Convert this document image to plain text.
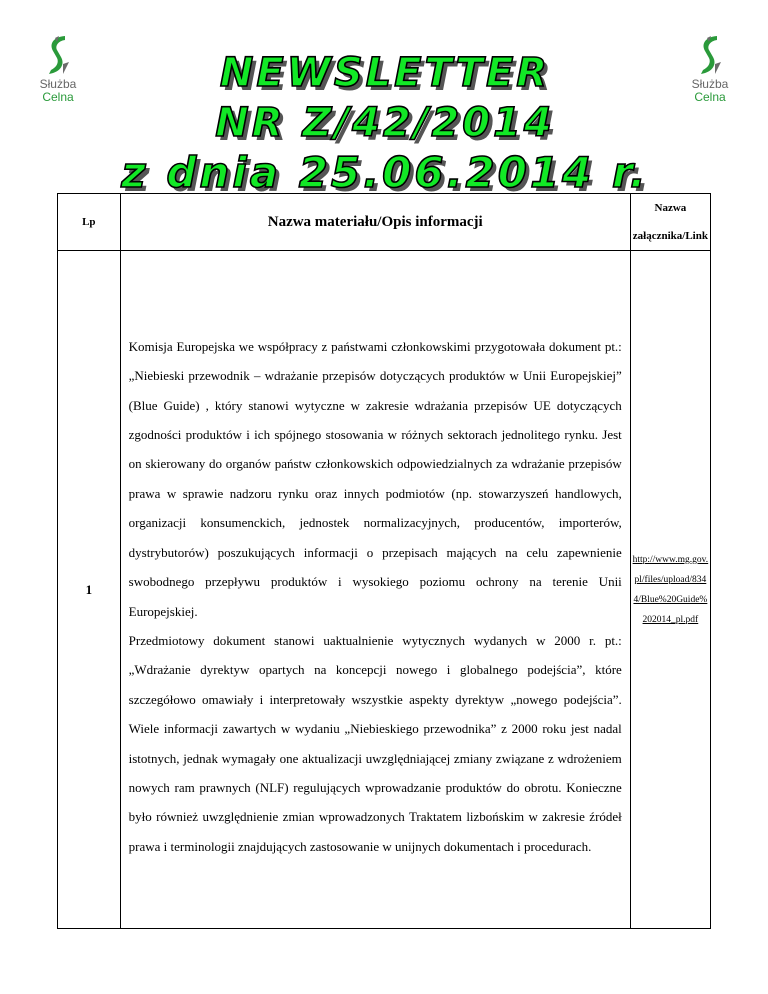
Służba
Celna
Służba
Celna
NEWSLETTER
NR Z/42/2014
z dnia 25.06.2014 r.
Lp	Nazwa materiału/Opis informacji	Nazwa
załącznika/Link

1	Komisja Europejska we współpracy z państwami członkowskimi przygotowała dokument pt.: „Niebieski przewodnik – wdrażanie przepisów dotyczących produktów w Unii Europejskiej” (Blue Guide) , który stanowi wytyczne w zakresie wdrażania przepisów UE dotyczących zgodności produktów i ich spójnego stosowania w różnych sektorach jednolitego rynku. Jest on skierowany do organów państw członkowskich odpowiedzialnych za wdrażanie przepisów prawa w sprawie nadzoru rynku oraz innych podmiotów (np. stowarzyszeń handlowych, organizacji konsumenckich, jednostek normalizacyjnych, producentów, importerów, dystrybutorów) poszukujących informacji o przepisach mających na celu zapewnienie swobodnego przepływu produktów i wysokiego poziomu ochrony na terenie Unii Europejskiej.

Przedmiotowy dokument stanowi uaktualnienie wytycznych wydanych w 2000 r. pt.: „Wdrażanie dyrektyw opartych na koncepcji nowego i globalnego podejścia”, które szczegółowo omawiały i interpretowały wszystkie aspekty dyrektyw „nowego podejścia”. Wiele informacji zawartych w wydaniu „Niebieskiego przewodnika” z 2000 roku jest nadal istotnych, jednak wymagały one aktualizacji uwzględniającej zmiany związane z wdrożeniem nowych ram prawnych (NLF) regulujących wprowadzanie produktów do obrotu. Konieczne było również uwzględnienie zmian wprowadzonych Traktatem lizbońskim w zakresie źródeł prawa i terminologii znajdujących zastosowanie w unijnych dokumentach i procedurach.	http://www.mg.gov.pl/files/upload/8344/Blue%20Guide%202014_pl.pdf
